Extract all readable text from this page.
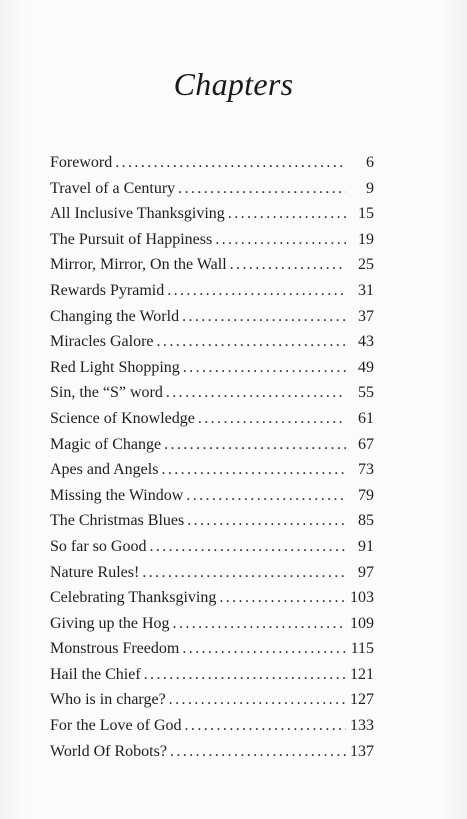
Chapters
Foreword .....	6
Travel of a Century .....	9
All Inclusive Thanksgiving .....	15
The Pursuit of Happiness .....	19
Mirror, Mirror, On the Wall .....	25
Rewards Pyramid .....	31
Changing the World .....	37
Miracles Galore .....	43
Red Light Shopping .....	49
Sin, the “S” word .....	55
Science of Knowledge .....	61
Magic of Change .....	67
Apes and Angels .....	73
Missing the Window .....	79
The Christmas Blues .....	85
So far so Good .....	91
Nature Rules! .....	97
Celebrating Thanksgiving .....	103
Giving up the Hog .....	109
Monstrous Freedom .....	115
Hail the Chief .....	121
Who is in charge? .....	127
For the Love of God .....	133
World Of Robots? .....	137
